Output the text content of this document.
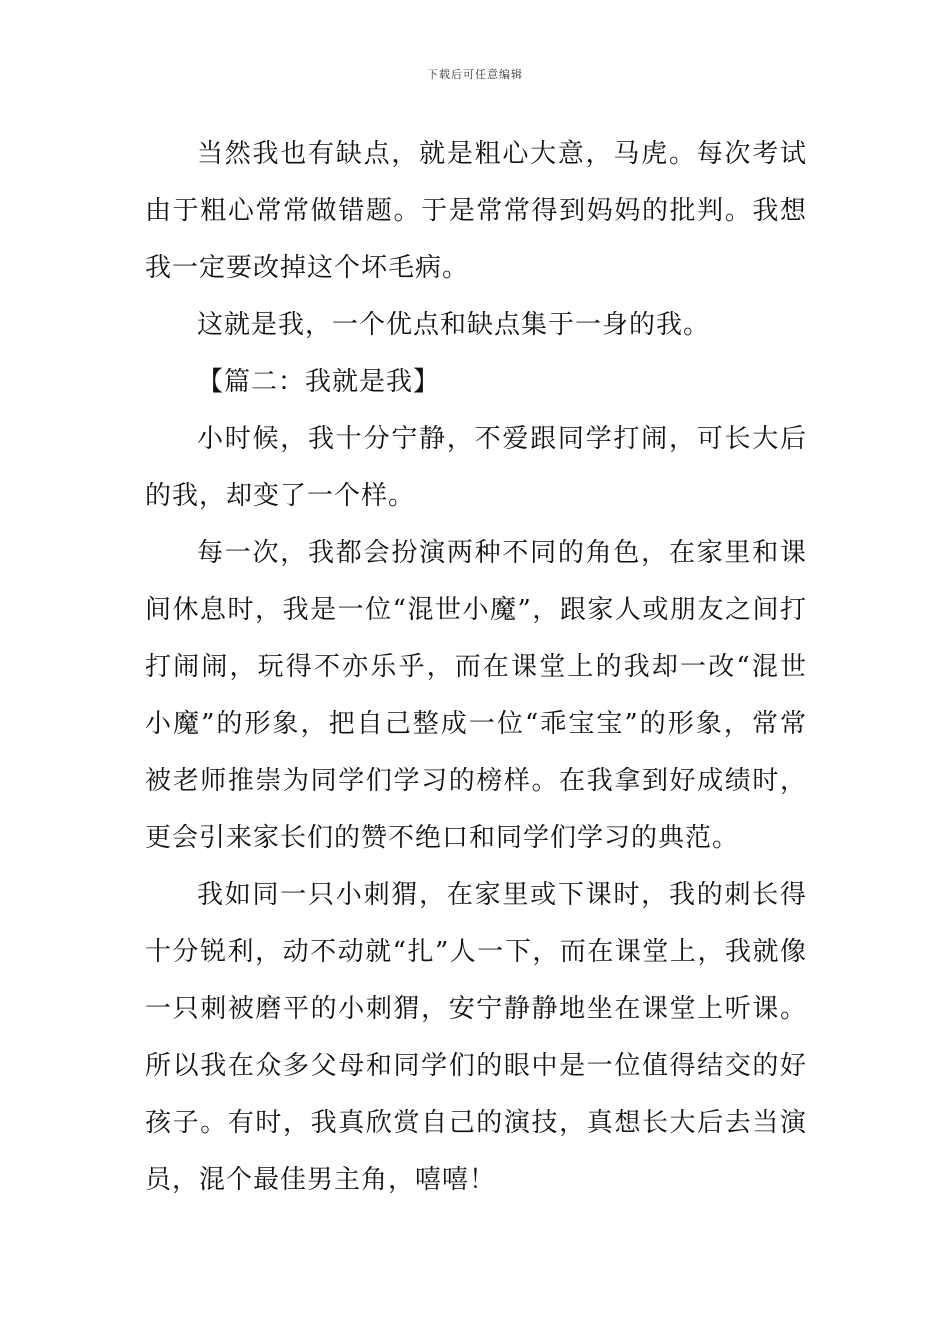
下载后可任意编辑

当然我也有缺点，就是粗心大意，马虎。每次考试由于粗心常常做错题。于是常常得到妈妈的批判。我想我一定要改掉这个坏毛病。

这就是我，一个优点和缺点集于一身的我。

【篇二：我就是我】

小时候，我十分宁静，不爱跟同学打闹，可长大后的我，却变了一个样。

每一次，我都会扮演两种不同的角色，在家里和课间休息时，我是一位“混世小魔”，跟家人或朋友之间打打闹闹，玩得不亦乐乎，而在课堂上的我却一改“混世小魔”的形象，把自己整成一位“乖宝宝”的形象，常常被老师推崇为同学们学习的榜样。在我拿到好成绩时，更会引来家长们的赞不绝口和同学们学习的典范。

我如同一只小刺猬，在家里或下课时，我的刺长得十分锐利，动不动就“扎”人一下，而在课堂上，我就像一只刺被磨平的小刺猬，安宁静静地坐在课堂上听课。所以我在众多父母和同学们的眼中是一位值得结交的好孩子。有时，我真欣赏自己的演技，真想长大后去当演员，混个最佳男主角，嘻嘻！
